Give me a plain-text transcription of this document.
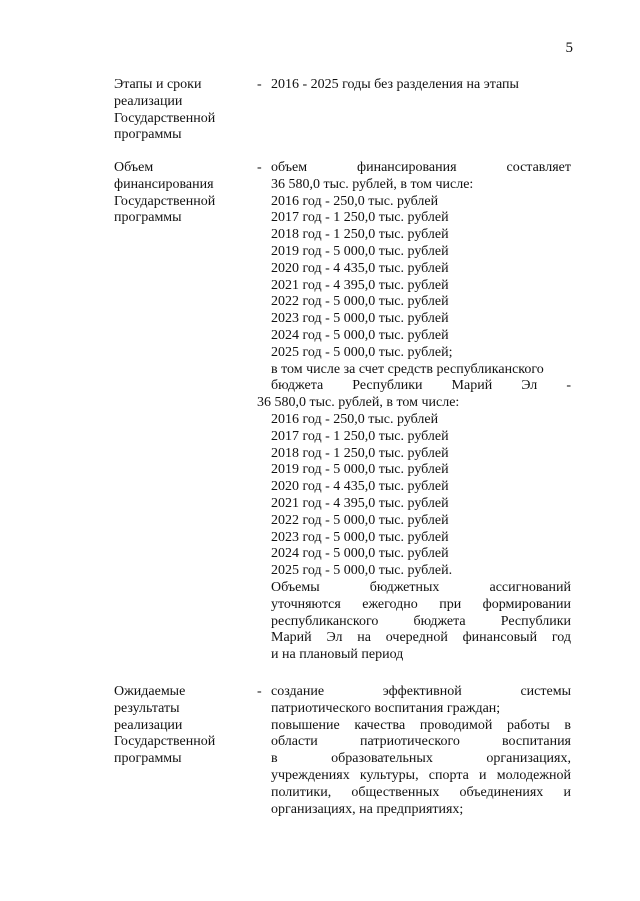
5
Этапы и сроки
реализации
Государственной
программы
- 2016 - 2025 годы без разделения на этапы
Объем
финансирования
Государственной
программы
- объем финансирования составляет
36 580,0 тыс. рублей, в том числе:
2016 год - 250,0 тыс. рублей
2017 год - 1 250,0 тыс. рублей
2018 год - 1 250,0 тыс. рублей
2019 год - 5 000,0 тыс. рублей
2020 год - 4 435,0 тыс. рублей
2021 год - 4 395,0 тыс. рублей
2022 год - 5 000,0 тыс. рублей
2023 год - 5 000,0 тыс. рублей
2024 год - 5 000,0 тыс. рублей
2025 год - 5 000,0 тыс. рублей;
в том числе за счет средств республиканского
бюджета Республики Марий Эл -
36 580,0 тыс. рублей, в том числе:
2016 год - 250,0 тыс. рублей
2017 год - 1 250,0 тыс. рублей
2018 год - 1 250,0 тыс. рублей
2019 год - 5 000,0 тыс. рублей
2020 год - 4 435,0 тыс. рублей
2021 год - 4 395,0 тыс. рублей
2022 год - 5 000,0 тыс. рублей
2023 год - 5 000,0 тыс. рублей
2024 год - 5 000,0 тыс. рублей
2025 год - 5 000,0 тыс. рублей.
Объемы бюджетных ассигнований
уточняются ежегодно при формировании
республиканского бюджета Республики
Марий Эл на очередной финансовый год
и на плановый период
Ожидаемые
результаты
реализации
Государственной
программы
- создание эффективной системы
патриотического воспитания граждан;
повышение качества проводимой работы в
области патриотического воспитания
в образовательных организациях,
учреждениях культуры, спорта и молодежной
политики, общественных объединениях и
организациях, на предприятиях;
